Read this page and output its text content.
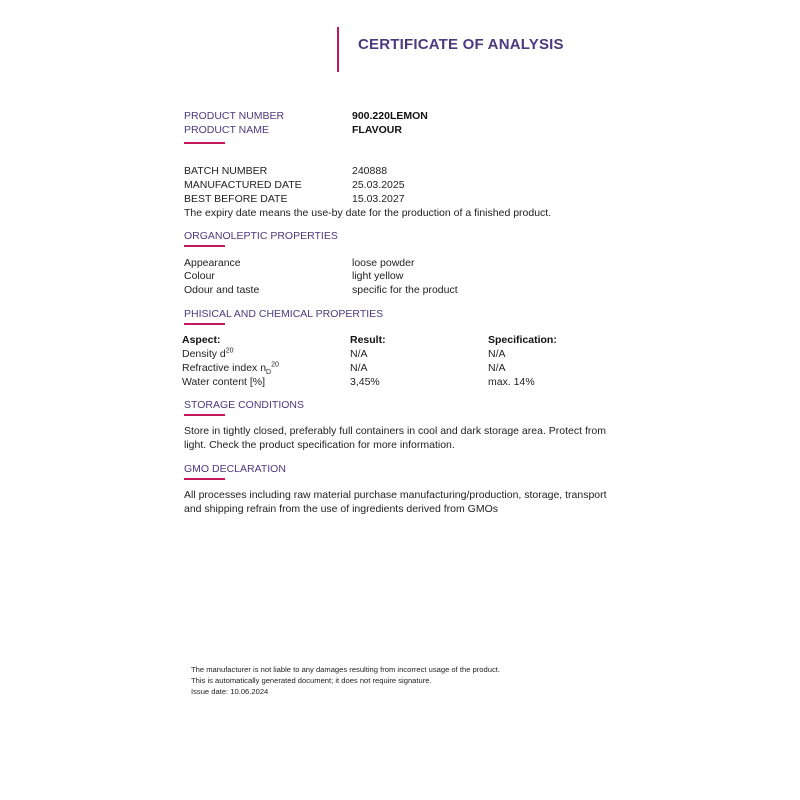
CERTIFICATE OF ANALYSIS
PRODUCT NUMBER	900.220LEMON
PRODUCT NAME	FLAVOUR
BATCH NUMBER	240888
MANUFACTURED DATE	25.03.2025
BEST BEFORE DATE	15.03.2027
The expiry date means the use-by date for the production of a finished product.
ORGANOLEPTIC PROPERTIES
Appearance	loose powder
Colour	light yellow
Odour and taste	specific for the product
PHISICAL AND CHEMICAL PROPERTIES
Aspect:	Result:	Specification:
Density $d^{20}$	N/A	N/A
Refractive index $n_D^{20}$	N/A	N/A
Water content [%]	3,45%	max. 14%
STORAGE CONDITIONS
Store in tightly closed, preferably full containers in cool and dark storage area. Protect from light. Check the product specification for more information.
GMO DECLARATION
All processes including raw material purchase manufacturing/production, storage, transport and shipping refrain from the use of ingredients derived from GMOs
The manufacturer is not liable to any damages resulting from incorrect usage of the product.
This is automatically generated document; it does not require signature.
Issue date: 10.06.2024
